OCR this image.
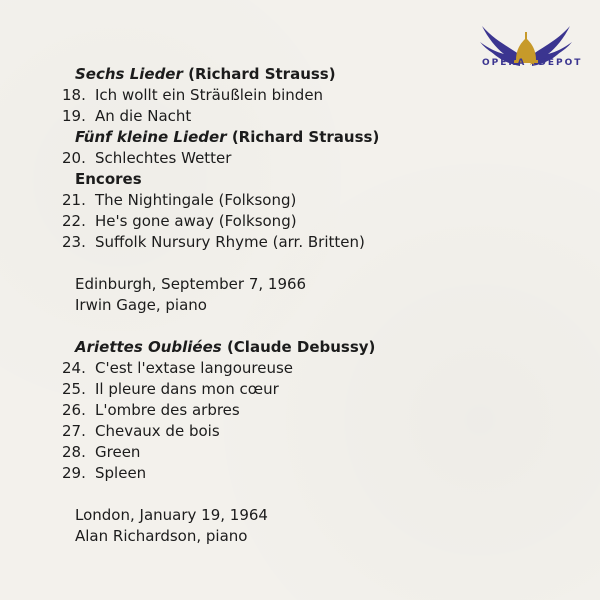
OPERA ★ DEPOT
Sechs Lieder (Richard Strauss)
18. Ich wollt ein Sträußlein binden
19. An die Nacht
Fünf kleine Lieder (Richard Strauss)
20. Schlechtes Wetter
Encores
21. The Nightingale (Folksong)
22. He's gone away (Folksong)
23. Suffolk Nursury Rhyme (arr. Britten)
Edinburgh, September 7, 1966
Irwin Gage, piano
Ariettes Oubliées (Claude Debussy)
24. C'est l'extase langoureuse
25. Il pleure dans mon cœur
26. L'ombre des arbres
27. Chevaux de bois
28. Green
29. Spleen
London, January 19, 1964
Alan Richardson, piano
